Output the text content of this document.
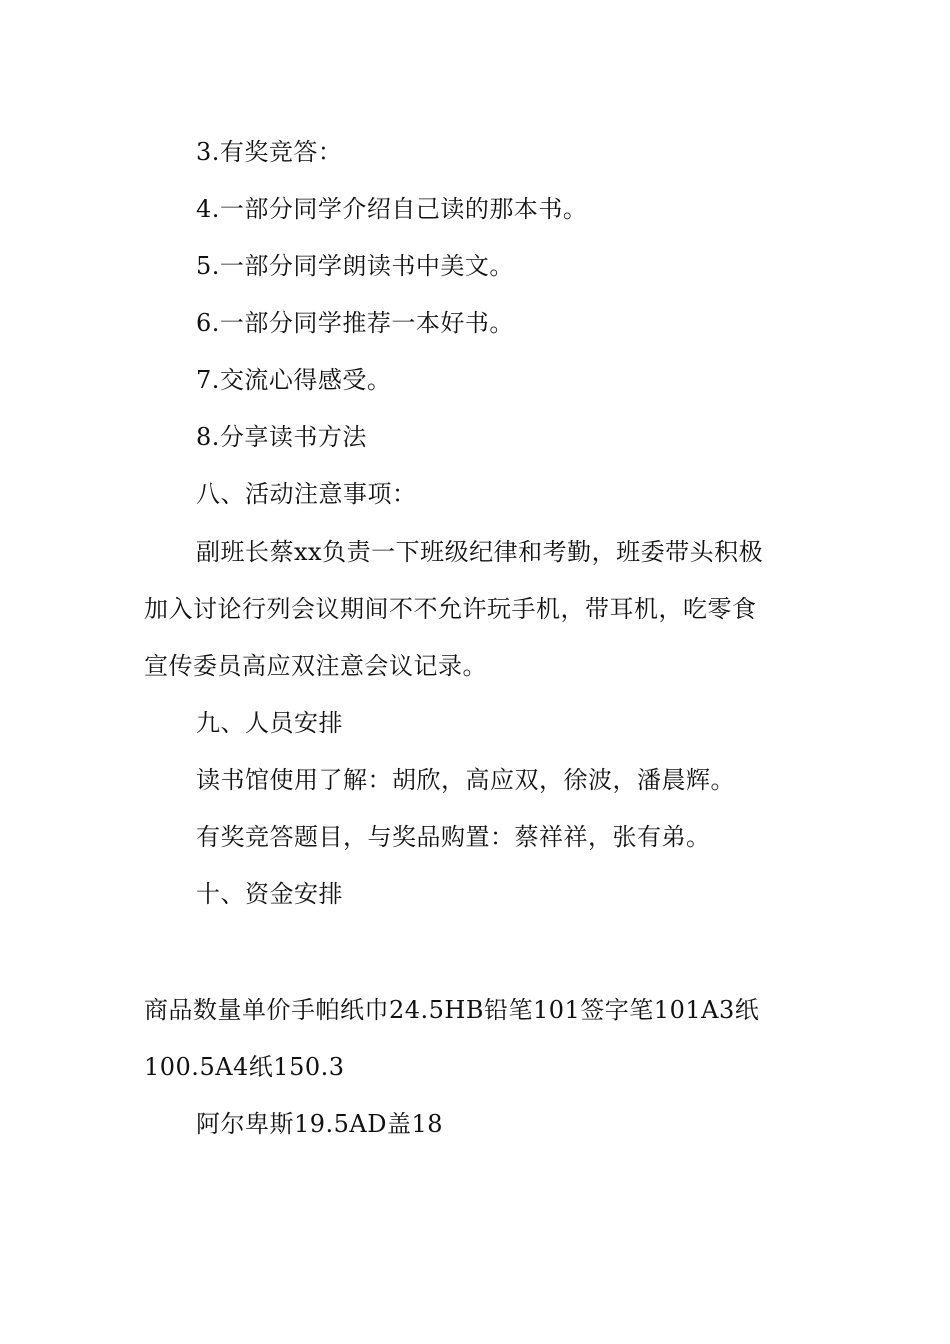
3.有奖竞答：
4.一部分同学介绍自己读的那本书。
5.一部分同学朗读书中美文。
6.一部分同学推荐一本好书。
7.交流心得感受。
8.分享读书方法
八、活动注意事项：
副班长蔡xx负责一下班级纪律和考勤，班委带头积极
加入讨论行列会议期间不不允许玩手机，带耳机，吃零食
宣传委员高应双注意会议记录。
九、人员安排
读书馆使用了解：胡欣，高应双，徐波，潘晨辉。
有奖竞答题目，与奖品购置：蔡祥祥，张有弟。
十、资金安排
商品数量单价手帕纸巾24.5HB铅笔101签字笔101A3纸
100.5A4纸150.3
阿尔卑斯19.5AD盖18
